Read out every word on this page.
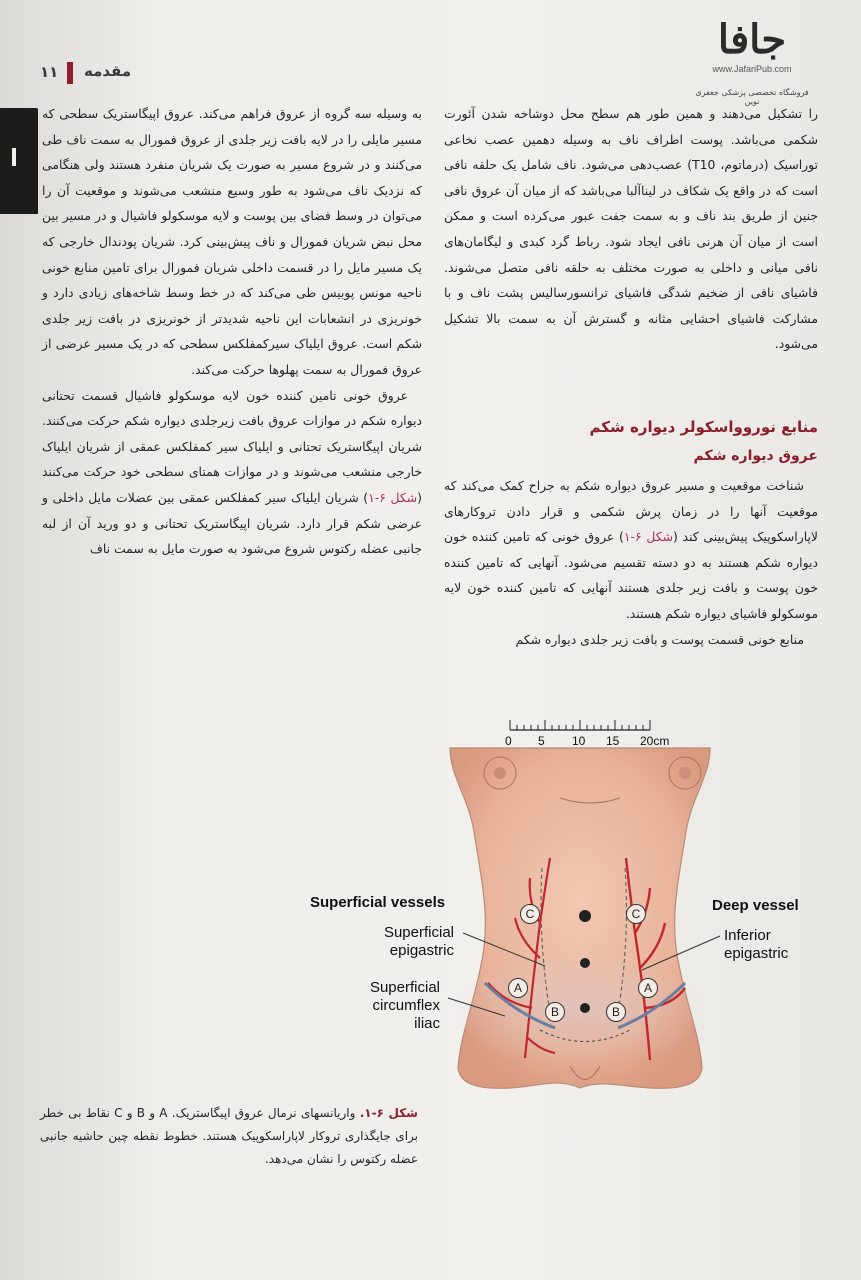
۱۱ مقدمه
جافا
www.JafariPub.com
فروشگاه تخصصی پزشکی جعفری نوین

را تشکیل می‌دهند و همین طور هم سطح محل دوشاخه شدن آئورت شکمی می‌باشد. پوست اطراف ناف به وسیله دهمین عصب نخاعی توراسیک (درماتوم، T10) عصب‌دهی می‌شود. ناف شامل یک حلقه نافی است که در واقع یک شکاف در لیناآلبا می‌باشد که از میان آن عروق نافی جنین از طریق بند ناف و به سمت جفت عبور می‌کرده است و ممکن است از میان آن هرنی نافی ایجاد شود. رباط گرد کبدی و لیگامان‌های نافی میانی و داخلی به صورت مختلف به حلقه نافی متصل می‌شوند. فاشیای نافی از ضخیم شدگی فاشیای ترانسورسالیس پشت ناف و با مشارکت فاشیای احشایی مثانه و گسترش آن به سمت بالا تشکیل می‌شود.

منابع نوروواسکولر دیواره شکم
عروق دیواره شکم

شناخت موقعیت و مسیر عروق دیواره شکم به جراح کمک می‌کند که موقعیت آنها را در زمان پرش شکمی و قرار دادن تروکارهای لاپاراسکوپیک پیش‌بینی کند (شکل ۶-۱) عروق خونی که تامین کننده خون دیواره شکم هستند به دو دسته تقسیم می‌شود. آنهایی که تامین کننده خون پوست و بافت زیر جلدی هستند آنهایی که تامین کننده خون لایه موسکولو فاشیای دیواره شکم هستند.

منابع خونی قسمت پوست و بافت زیر جلدی دیواره شکم

به وسیله سه گروه از عروق فراهم می‌کند. عروق اپیگاستریک سطحی که مسیر مایلی را در لایه بافت زیر جلدی از عروق فمورال به سمت ناف طی می‌کنند و در شروع مسیر به صورت یک شریان منفرد هستند ولی هنگامی که نزدیک ناف می‌شود به طور وسیع منشعب می‌شوند و موقعیت آن را می‌توان در وسط فضای بین پوست و لایه موسکولو فاشیال و در مسیر بین محل نبض شریان فمورال و ناف پیش‌بینی کرد. شریان پودندال خارجی که یک مسیر مایل را در قسمت داخلی شریان فمورال برای تامین منابع خونی ناحیه مونس پوبیس طی می‌کند که در خط وسط شاخه‌های زیادی دارد و خونریزی در انشعابات این ناحیه شدیدتر از خونریزی در بافت زیر جلدی شکم است. عروق ایلیاک سیرکمفلکس سطحی که در یک مسیر عرضی از عروق فمورال به سمت پهلوها حرکت می‌کند.

عروق خونی تامین کننده خون لایه موسکولو فاشیال قسمت تحتانی دیواره شکم در موازات عروق بافت زیرجلدی دیواره شکم حرکت می‌کنند. شریان اپیگاستریک تحتانی و ایلیاک سیر کمفلکس عمقی از شریان ایلیاک خارجی منشعب می‌شوند و در موازات همتای سطحی خود حرکت می‌کنند (شکل ۶-۱) شریان ایلیاک سیر کمفلکس عمقی بین عضلات مایل داخلی و عرضی شکم قرار دارد. شریان اپیگاستریک تحتانی و دو ورید آن از لبه جانبی عضله رکتوس شروع می‌شود به صورت مایل به سمت ناف

0 5 10 15 20cm
Superficial vessels	Deep vessel
Superficial
epigastric
Inferior
epigastric
Superficial
circumflex
iliac
C	C
A	A
B	B
شکل ۶-۱. واریانسهای نرمال عروق اپیگاستریک. A و B و C نقاط بی خطر برای جایگذاری تروکار لاپاراسکوپیک هستند. خطوط نقطه چین حاشیه جانبی عضله رکتوس را نشان می‌دهد.
